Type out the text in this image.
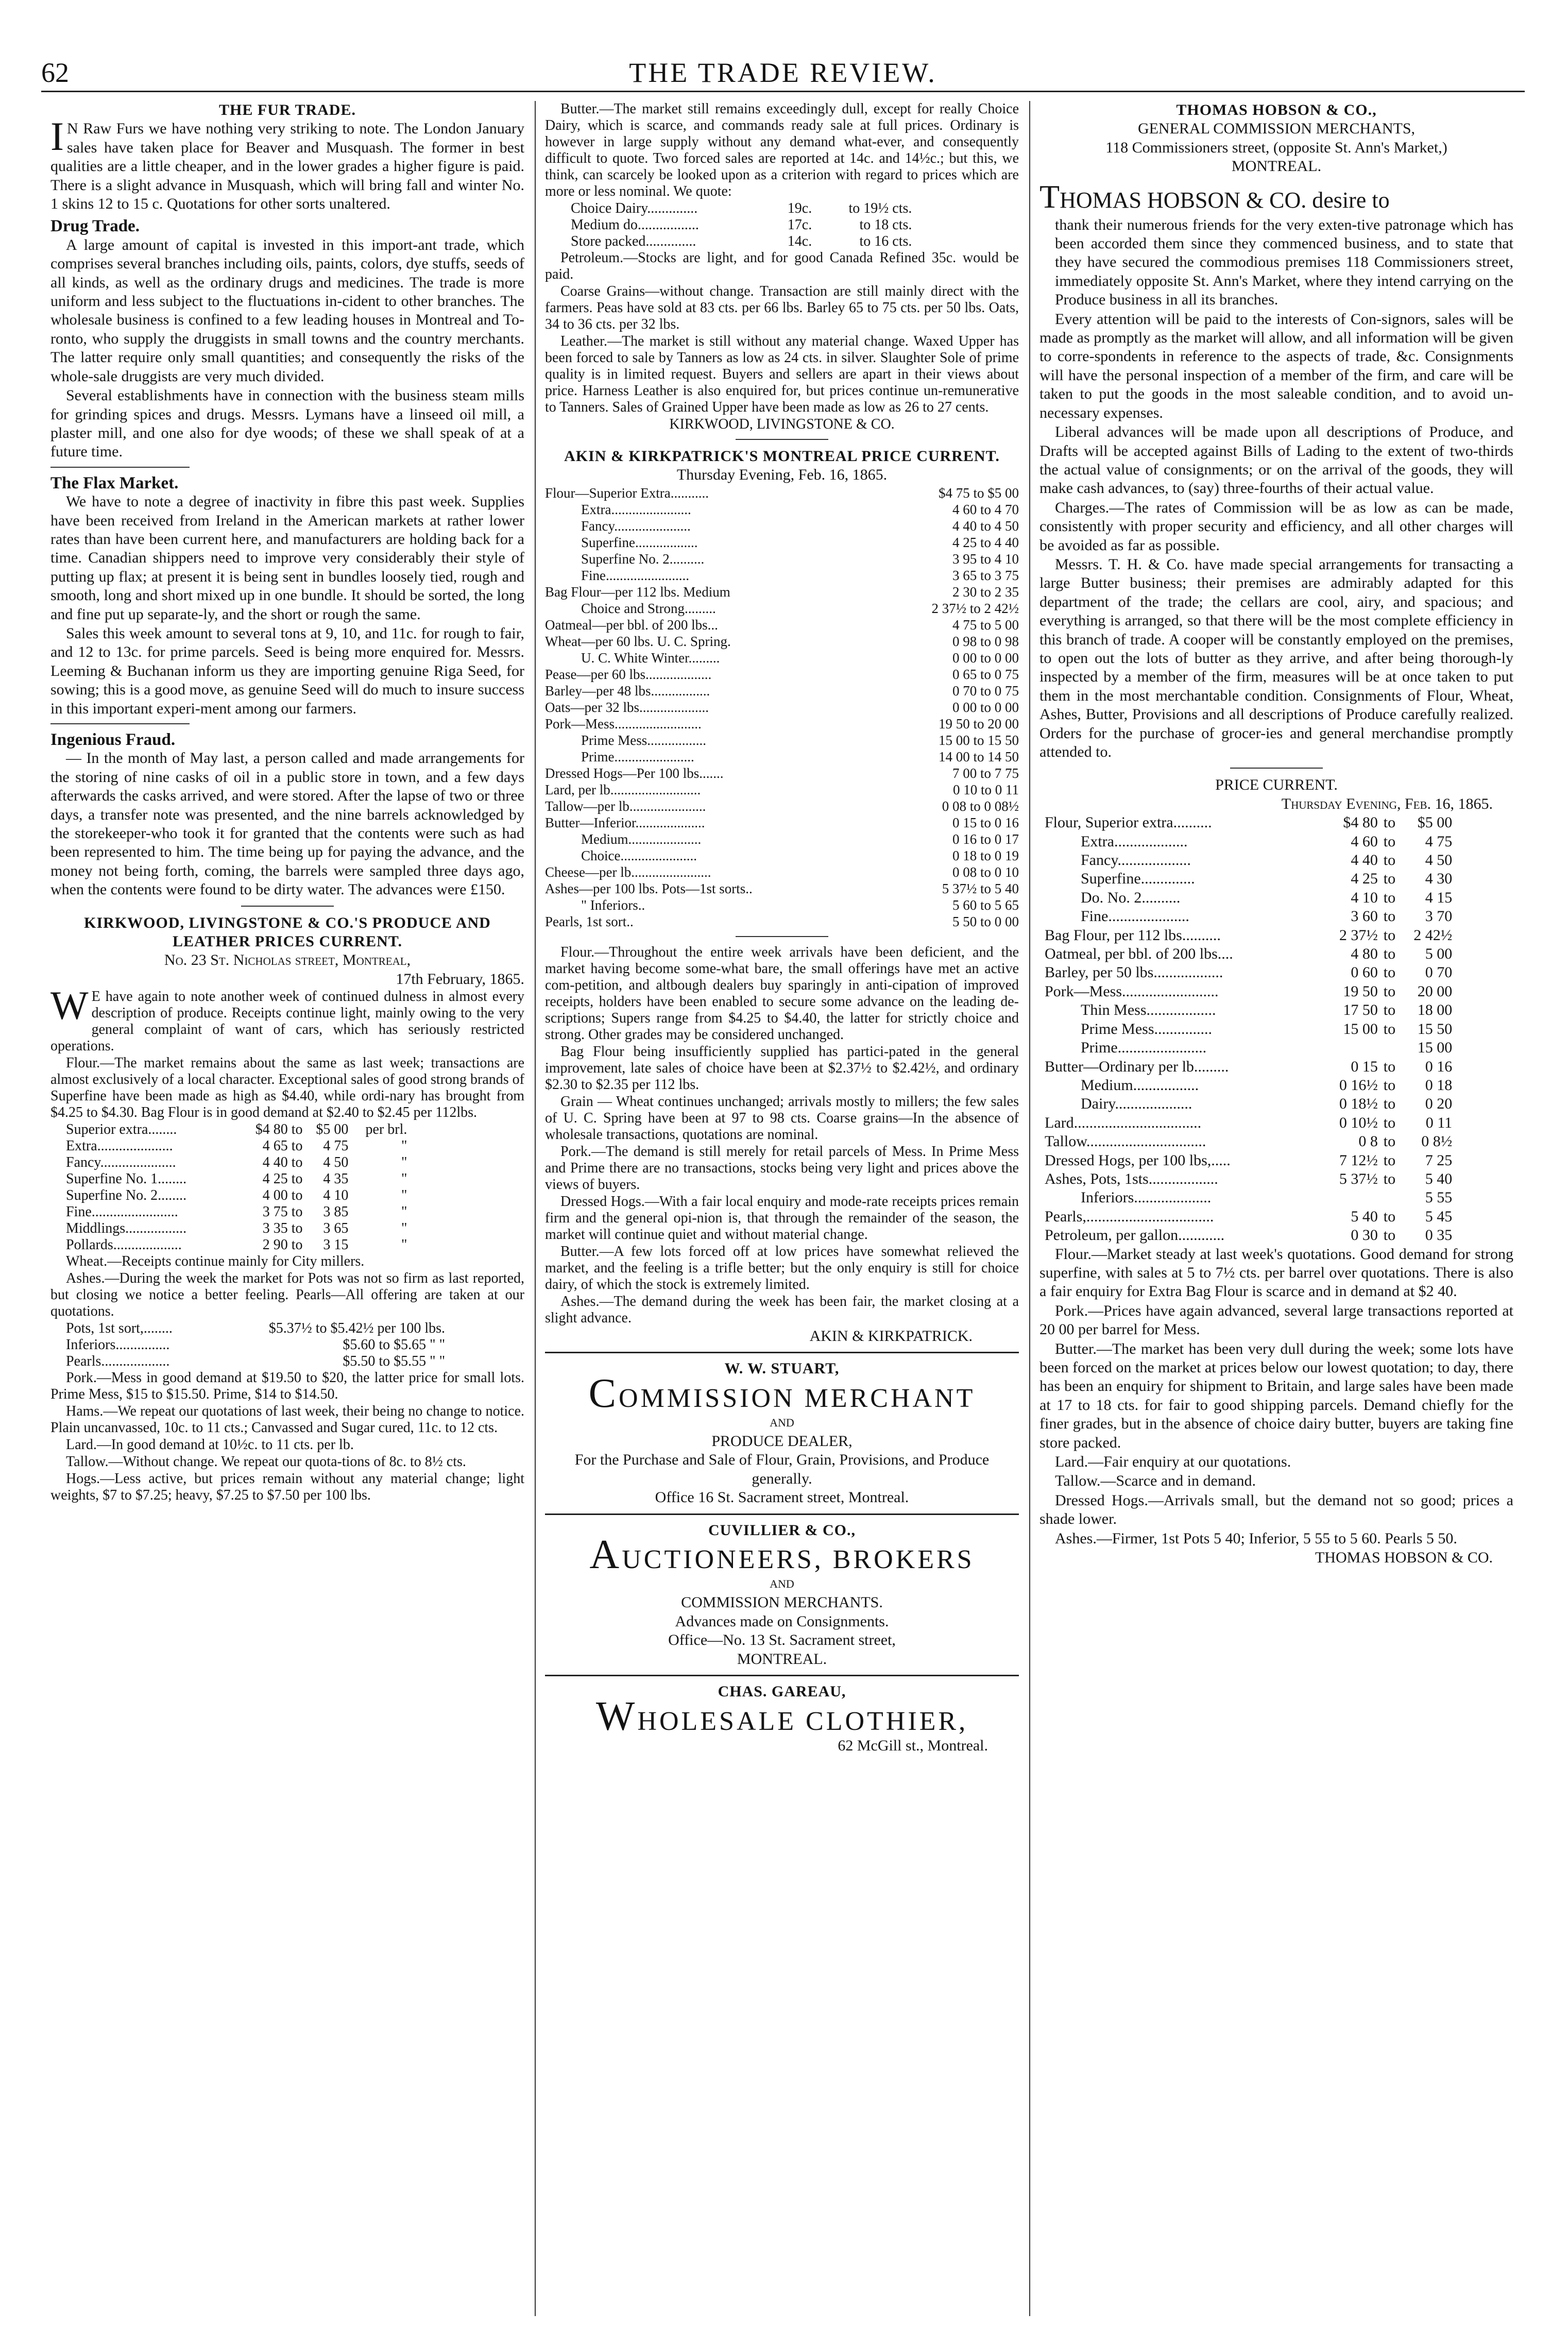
62	THE TRADE REVIEW.
THE FUR TRADE.

I N Raw Furs we have nothing very striking to note. The London January sales have taken place for Beaver and Musquash. The former in best qualities are a little cheaper, and in the lower grades a higher figure is paid. There is a slight advance in Musquash, which will bring fall and winter No. 1 skins 12 to 15 c. Quotations for other sorts unaltered.

Drug Trade.

A large amount of capital is invested in this import-ant trade, which comprises several branches including oils, paints, colors, dye stuffs, seeds of all kinds, as well as the ordinary drugs and medicines. The trade is more uniform and less subject to the fluctuations in-cident to other branches. The wholesale business is confined to a few leading houses in Montreal and To-ronto, who supply the druggists in small towns and the country merchants. The latter require only small quantities; and consequently the risks of the whole-sale druggists are very much divided.

Several establishments have in connection with the business steam mills for grinding spices and drugs. Messrs. Lymans have a linseed oil mill, a plaster mill, and one also for dye woods; of these we shall speak of at a future time.

The Flax Market.

We have to note a degree of inactivity in fibre this past week. Supplies have been received from Ireland in the American markets at rather lower rates than have been current here, and manufacturers are holding back for a time. Canadian shippers need to improve very considerably their style of putting up flax; at present it is being sent in bundles loosely tied, rough and smooth, long and short mixed up in one bundle. It should be sorted, the long and fine put up separate-ly, and the short or rough the same.

Sales this week amount to several tons at 9, 10, and 11c. for rough to fair, and 12 to 13c. for prime parcels. Seed is being more enquired for. Messrs. Leeming & Buchanan inform us they are importing genuine Riga Seed, for sowing; this is a good move, as genuine Seed will do much to insure success in this important experi-ment among our farmers.

Ingenious Fraud.

— In the month of May last, a person called and made arrangements for the storing of nine casks of oil in a public store in town, and a few days afterwards the casks arrived, and were stored. After the lapse of two or three days, a transfer note was presented, and the nine barrels acknowledged by the storekeeper-who took it for granted that the contents were such as had been represented to him. The time being up for paying the advance, and the money not being forth, coming, the barrels were sampled three days ago, when the contents were found to be dirty water. The advances were £150.

KIRKWOOD, LIVINGSTONE & CO.'S PRODUCE AND LEATHER PRICES CURRENT.
No. 23 St. Nicholas street, Montreal,
17th February, 1865.

W E have again to note another week of continued dulness in almost every description of produce. Receipts continue light, mainly owing to the very general complaint of want of cars, which has seriously restricted operations.

Flour.—The market remains about the same as last week; transactions are almost exclusively of a local character. Exceptional sales of good strong brands of Superfine have been made as high as $4.40, while ordi-nary has brought from $4.25 to $4.30. Bag Flour is in good demand at $2.40 to $2.45 per 112lbs.

Superior extra........	$4 80 to	$5 00	per brl.
Extra.....................	4 65 to	4 75	"
Fancy.....................	4 40 to	4 50	"
Superfine No. 1........	4 25 to	4 35	"
Superfine No. 2........	4 00 to	4 10	"
Fine........................	3 75 to	3 85	"
Middlings.................	3 35 to	3 65	"
Pollards...................	2 90 to	3 15	"

Wheat.—Receipts continue mainly for City millers.

Ashes.—During the week the market for Pots was not so firm as last reported, but closing we notice a better feeling. Pearls—All offering are taken at our quotations.

Pots, 1st sort,........	$5.37½ to $5.42½ per 100 lbs.
Inferiors...............	$5.60 to $5.65 " "
Pearls...................	$5.50 to $5.55 " "

Pork.—Mess in good demand at $19.50 to $20, the latter price for small lots. Prime Mess, $15 to $15.50. Prime, $14 to $14.50.

Hams.—We repeat our quotations of last week, their being no change to notice. Plain uncanvassed, 10c. to 11 cts.; Canvassed and Sugar cured, 11c. to 12 cts.

Lard.—In good demand at 10½c. to 11 cts. per lb.

Tallow.—Without change. We repeat our quota-tions of 8c. to 8½ cts.

Hogs.—Less active, but prices remain without any material change; light weights, $7 to $7.25; heavy, $7.25 to $7.50 per 100 lbs.

Butter.—The market still remains exceedingly dull, except for really Choice Dairy, which is scarce, and commands ready sale at full prices. Ordinary is however in large supply without any demand what-ever, and consequently difficult to quote. Two forced sales are reported at 14c. and 14½c.; but this, we think, can scarcely be looked upon as a criterion with regard to prices which are more or less nominal. We quote:

Choice Dairy..............	19c.	to 19½ cts.
Medium do.................	17c.	to 18 cts.
Store packed..............	14c.	to 16 cts.

Petroleum.—Stocks are light, and for good Canada Refined 35c. would be paid.

Coarse Grains—without change. Transaction are still mainly direct with the farmers. Peas have sold at 83 cts. per 66 lbs. Barley 65 to 75 cts. per 50 lbs. Oats, 34 to 36 cts. per 32 lbs.

Leather.—The market is still without any material change. Waxed Upper has been forced to sale by Tanners as low as 24 cts. in silver. Slaughter Sole of prime quality is in limited request. Buyers and sellers are apart in their views about price. Harness Leather is also enquired for, but prices continue un-remunerative to Tanners. Sales of Grained Upper have been made as low as 26 to 27 cents.

KIRKWOOD, LIVINGSTONE & CO.
AKIN & KIRKPATRICK'S MONTREAL PRICE CURRENT.
Thursday Evening, Feb. 16, 1865.
Flour—Superior Extra...........	$4 75 to $5 00
Extra.......................	4 60 to 4 70
Fancy......................	4 40 to 4 50
Superfine..................	4 25 to 4 40
Superfine No. 2..........	3 95 to 4 10
Fine........................	3 65 to 3 75
Bag Flour—per 112 lbs. Medium	2 30 to 2 35
Choice and Strong.........	2 37½ to 2 42½
Oatmeal—per bbl. of 200 lbs...	4 75 to 5 00
Wheat—per 60 lbs. U. C. Spring.	0 98 to 0 98
U. C. White Winter.........	0 00 to 0 00
Pease—per 60 lbs...................	0 65 to 0 75
Barley—per 48 lbs.................	0 70 to 0 75
Oats—per 32 lbs....................	0 00 to 0 00
Pork—Mess.........................	19 50 to 20 00
Prime Mess.................	15 00 to 15 50
Prime.......................	14 00 to 14 50
Dressed Hogs—Per 100 lbs.......	7 00 to 7 75
Lard, per lb..........................	0 10 to 0 11
Tallow—per lb......................	0 08 to 0 08½
Butter—Inferior....................	0 15 to 0 16
Medium.....................	0 16 to 0 17
Choice......................	0 18 to 0 19
Cheese—per lb.......................	0 08 to 0 10
Ashes—per 100 lbs. Pots—1st sorts..	5 37½ to 5 40
" Inferiors..	5 60 to 5 65
Pearls, 1st sort..	5 50 to 0 00

Flour.—Throughout the entire week arrivals have been deficient, and the market having become some-what bare, the small offerings have met an active com-petition, and altbough dealers buy sparingly in anti-cipation of improved receipts, holders have been enabled to secure some advance on the leading de-scriptions; Supers range from $4.25 to $4.40, the latter for strictly choice and strong. Other grades may be considered unchanged.

Bag Flour being insufficiently supplied has partici-pated in the general improvement, late sales of choice have been at $2.37½ to $2.42½, and ordinary $2.30 to $2.35 per 112 lbs.

Grain — Wheat continues unchanged; arrivals mostly to millers; the few sales of U. C. Spring have been at 97 to 98 cts. Coarse grains—In the absence of wholesale transactions, quotations are nominal.

Pork.—The demand is still merely for retail parcels of Mess. In Prime Mess and Prime there are no transactions, stocks being very light and prices above the views of buyers.

Dressed Hogs.—With a fair local enquiry and mode-rate receipts prices remain firm and the general opi-nion is, that through the remainder of the season, the market will continue quiet and without material change.

Butter.—A few lots forced off at low prices have somewhat relieved the market, and the feeling is a trifle better; but the only enquiry is still for choice dairy, of which the stock is extremely limited.

Ashes.—The demand during the week has been fair, the market closing at a slight advance.

AKIN & KIRKPATRICK.
W. W. STUART,
COMMISSION MERCHANT
AND
PRODUCE DEALER,
For the Purchase and Sale of Flour, Grain, Provisions, and Produce generally.
Office 16 St. Sacrament street, Montreal.
CUVILLIER & CO.,
AUCTIONEERS, BROKERS
AND
COMMISSION MERCHANTS.
Advances made on Consignments.
Office—No. 13 St. Sacrament street,
MONTREAL.
CHAS. GAREAU,
WHOLESALE CLOTHIER,
62 McGill st., Montreal.
THOMAS HOBSON & CO.,
GENERAL COMMISSION MERCHANTS,
118 Commissioners street, (opposite St. Ann's Market,)
MONTREAL.
THOMAS HOBSON & CO. desire to

thank their numerous friends for the very exten-tive patronage which has been accorded them since they commenced business, and to state that they have secured the commodious premises 118 Commissioners street, immediately opposite St. Ann's Market, where they intend carrying on the Produce business in all its branches.

Every attention will be paid to the interests of Con-signors, sales will be made as promptly as the market will allow, and all information will be given to corre-spondents in reference to the aspects of trade, &c. Consignments will have the personal inspection of a member of the firm, and care will be taken to put the goods in the most saleable condition, and to avoid un-necessary expenses.

Liberal advances will be made upon all descriptions of Produce, and Drafts will be accepted against Bills of Lading to the extent of two-thirds the actual value of consignments; or on the arrival of the goods, they will make cash advances, to (say) three-fourths of their actual value.

Charges.—The rates of Commission will be as low as can be made, consistently with proper security and efficiency, and all other charges will be avoided as far as possible.

Messrs. T. H. & Co. have made special arrangements for transacting a large Butter business; their premises are admirably adapted for this department of the trade; the cellars are cool, airy, and spacious; and everything is arranged, so that there will be the most complete efficiency in this branch of trade. A cooper will be constantly employed on the premises, to open out the lots of butter as they arrive, and after being thorough-ly inspected by a member of the firm, measures will be at once taken to put them in the most merchantable condition. Consignments of Flour, Wheat, Ashes, Butter, Provisions and all descriptions of Produce carefully realized. Orders for the purchase of grocer-ies and general merchandise promptly attended to.

PRICE CURRENT.
Thursday Evening, Feb. 16, 1865.
Flour, Superior extra..........	$4 80	to	$5 00
Extra...................	4 60	to	4 75
Fancy...................	4 40	to	4 50
Superfine..............	4 25	to	4 30
Do. No. 2..........	4 10	to	4 15
Fine.....................	3 60	to	3 70
Bag Flour, per 112 lbs..........	2 37½	to	2 42½
Oatmeal, per bbl. of 200 lbs....	4 80	to	5 00
Barley, per 50 lbs..................	0 60	to	0 70
Pork—Mess.........................	19 50	to	20 00
Thin Mess..................	17 50	to	18 00
Prime Mess...............	15 00	to	15 50
Prime.......................			15 00
Butter—Ordinary per lb.........	0 15	to	0 16
Medium.................	0 16½	to	0 18
Dairy....................	0 18½	to	0 20
Lard.................................	0 10½	to	0 11
Tallow...............................	0 8	to	0 8½
Dressed Hogs, per 100 lbs,.....	7 12½	to	7 25
Ashes, Pots, 1sts..................	5 37½	to	5 40
Inferiors....................			5 55
Pearls,.................................	5 40	to	5 45
Petroleum, per gallon............	0 30	to	0 35

Flour.—Market steady at last week's quotations. Good demand for strong superfine, with sales at 5 to 7½ cts. per barrel over quotations. There is also a fair enquiry for Extra Bag Flour is scarce and in demand at $2 40.

Pork.—Prices have again advanced, several large transactions reported at 20 00 per barrel for Mess.

Butter.—The market has been very dull during the week; some lots have been forced on the market at prices below our lowest quotation; to day, there has been an enquiry for shipment to Britain, and large sales have been made at 17 to 18 cts. for fair to good shipping parcels. Demand chiefly for the finer grades, but in the absence of choice dairy butter, buyers are taking fine store packed.

Lard.—Fair enquiry at our quotations.

Tallow.—Scarce and in demand.

Dressed Hogs.—Arrivals small, but the demand not so good; prices a shade lower.

Ashes.—Firmer, 1st Pots 5 40; Inferior, 5 55 to 5 60. Pearls 5 50.

THOMAS HOBSON & CO.
